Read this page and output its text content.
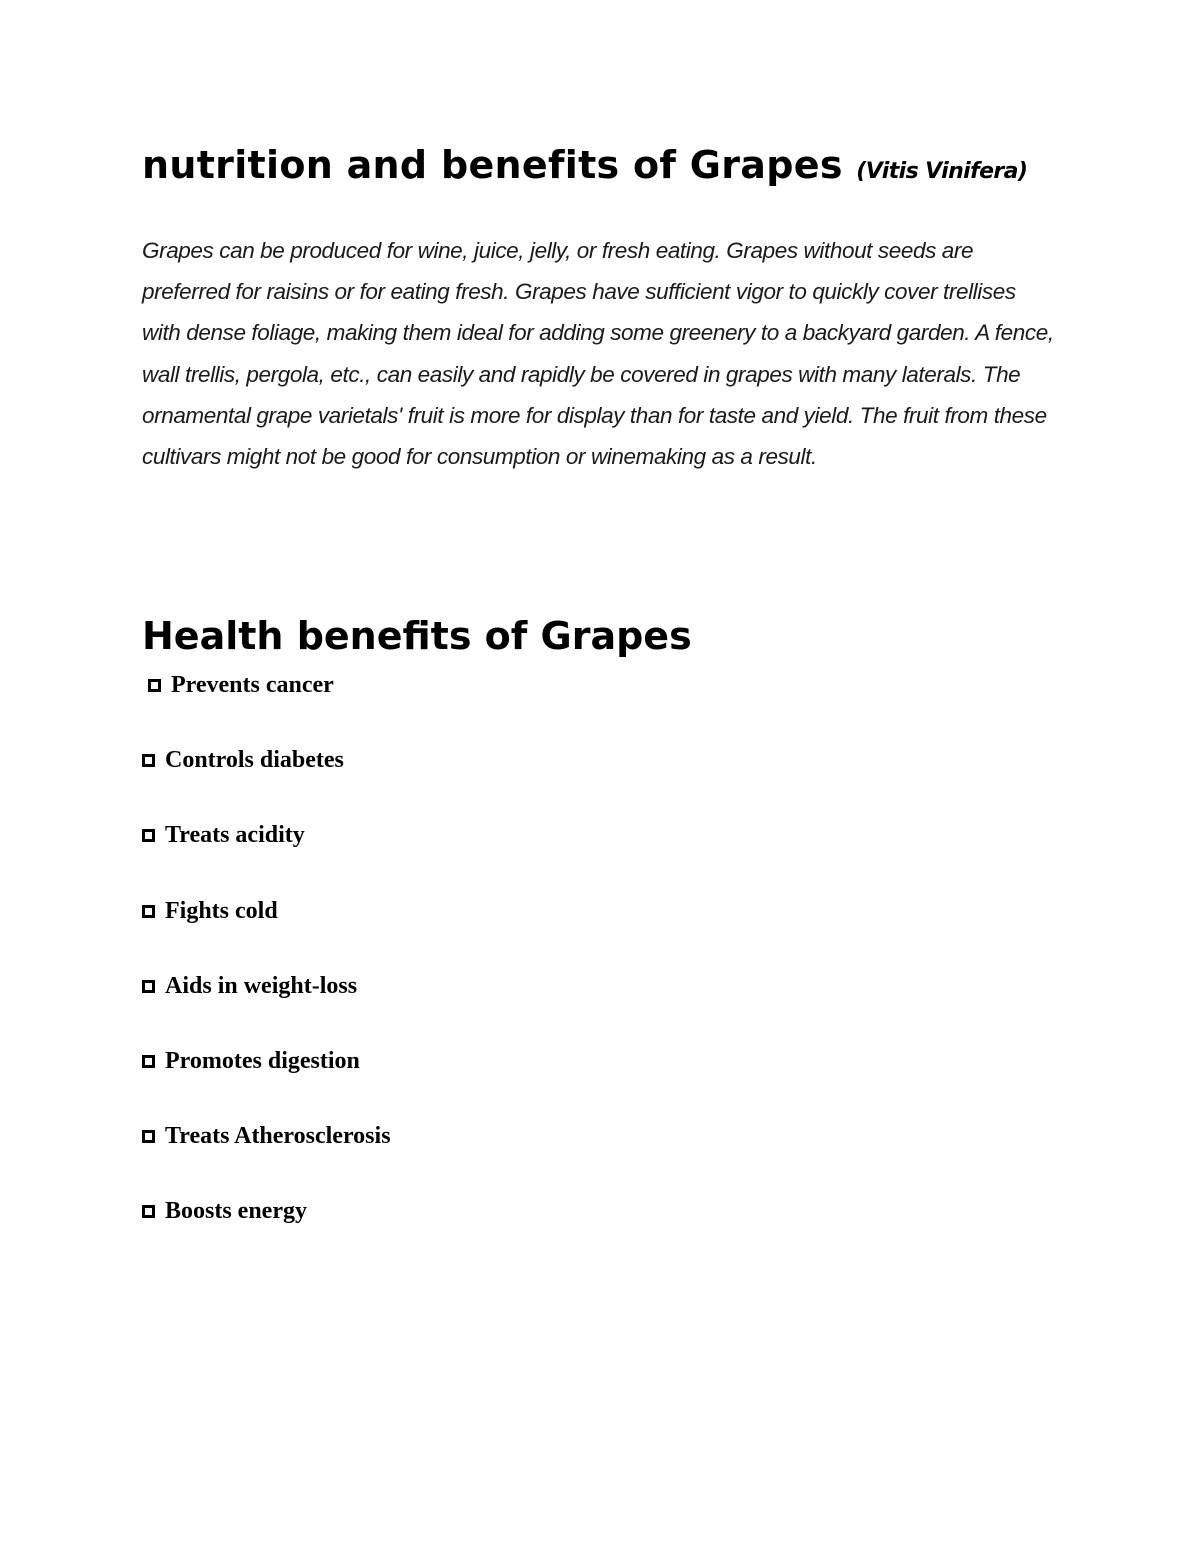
nutrition and benefits of Grapes (Vitis Vinifera)

Grapes can be produced for wine, juice, jelly, or fresh eating. Grapes without seeds are preferred for raisins or for eating fresh. Grapes have sufficient vigor to quickly cover trellises with dense foliage, making them ideal for adding some greenery to a backyard garden. A fence, wall trellis, pergola, etc., can easily and rapidly be covered in grapes with many laterals. The ornamental grape varietals' fruit is more for display than for taste and yield. The fruit from these cultivars might not be good for consumption or winemaking as a result.

Health benefits of Grapes
Prevents cancer
Controls diabetes
Treats acidity
Fights cold
Aids in weight-loss
Promotes digestion
Treats Atherosclerosis
Boosts energy
